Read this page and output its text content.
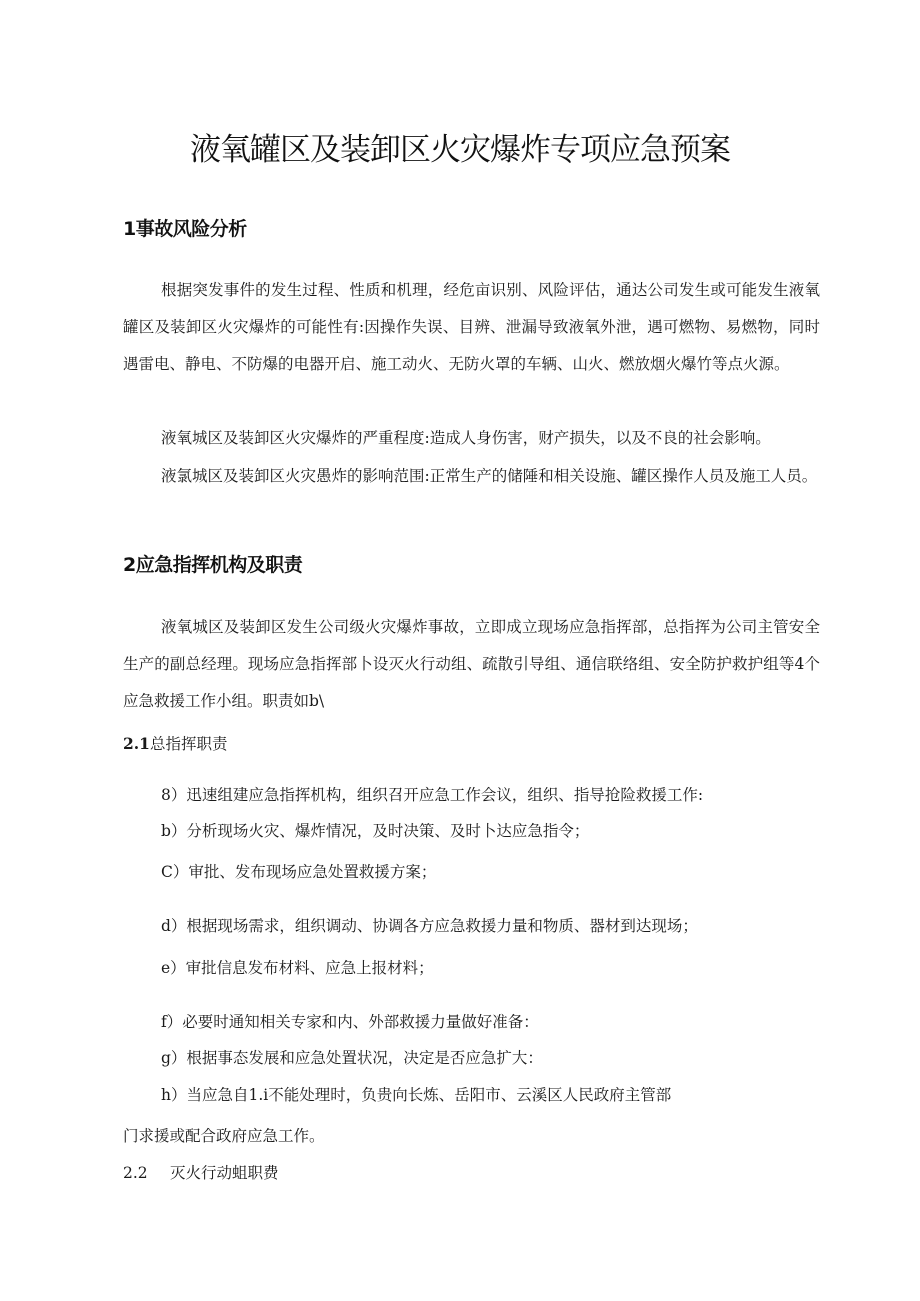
液氧罐区及装卸区火灾爆炸专项应急预案
1事故风险分析

根据突发事件的发生过程、性质和机理，经危亩识别、风险评估，通达公司发生或可能发生液氧罐区及装卸区火灾爆炸的可能性有:因操作失误、目辨、泄漏导致液氧外泄，遇可燃物、易燃物，同时遇雷电、静电、不防爆的电器开启、施工动火、无防火罩的车辆、山火、燃放烟火爆竹等点火源。

液氧城区及装卸区火灾爆炸的严重程度:造成人身伤害，财产损失，以及不良的社会影响。

液氯城区及装卸区火灾愚炸的影响范围:正常生产的储陲和相关设施、罐区操作人员及施工人员。

2应急指挥机构及职责

液氧城区及装卸区发生公司级火灾爆炸事故，立即成立现场应急指挥部，总指挥为公司主管安全生产的副总经理。现场应急指挥部卜设灭火行动组、疏散引导组、通信联络组、安全防护救护组等4个应急救援工作小组。职责如b\

2.1总指挥职责

8）迅速组建应急指挥机构，组织召开应急工作会议，组织、指导抢险救援工作:

b）分析现场火灾、爆炸情况，及时决策、及时卜达应急指令；

C）审批、发布现场应急处置救援方案；

d）根据现场需求，组织调动、协调各方应急救援力量和物质、器材到达现场；

e）审批信息发布材料、应急上报材料；

f）必要时通知相关专家和内、外部救援力量做好准备：

g）根据事态发展和应急处置状况，决定是否应急扩大：

h）当应急自1.i不能处理时，负贵向长炼、岳阳市、云溪区人民政府主管部

门求援或配合政府应急工作。

2.2 灭火行动蛆职费
